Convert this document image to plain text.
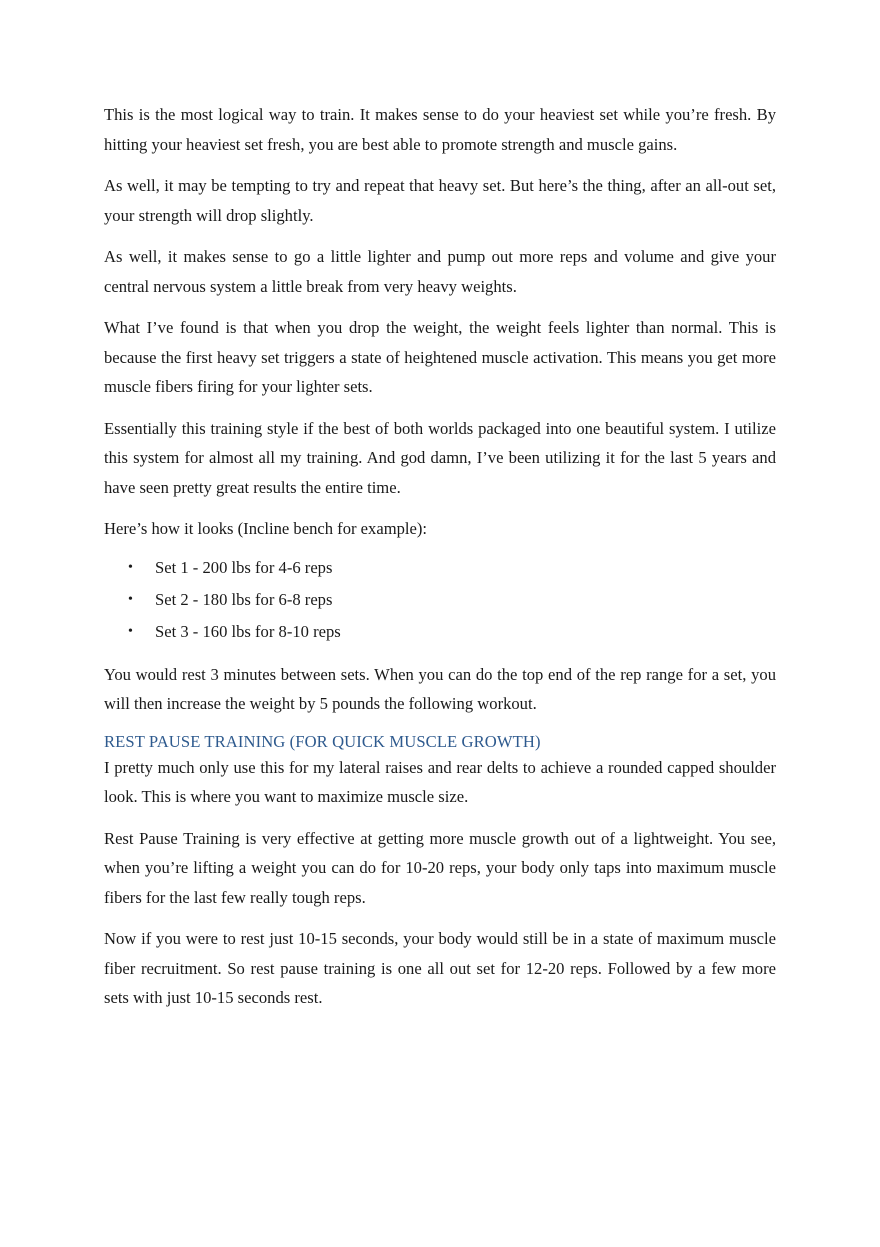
This is the most logical way to train. It makes sense to do your heaviest set while you’re fresh. By hitting your heaviest set fresh, you are best able to promote strength and muscle gains.

As well, it may be tempting to try and repeat that heavy set. But here’s the thing, after an all-out set, your strength will drop slightly.

As well, it makes sense to go a little lighter and pump out more reps and volume and give your central nervous system a little break from very heavy weights.

What I’ve found is that when you drop the weight, the weight feels lighter than normal. This is because the first heavy set triggers a state of heightened muscle activation. This means you get more muscle fibers firing for your lighter sets.

Essentially this training style if the best of both worlds packaged into one beautiful system. I utilize this system for almost all my training. And god damn, I’ve been utilizing it for the last 5 years and have seen pretty great results the entire time.

Here’s how it looks (Incline bench for example):

• Set 1 - 200 lbs for 4-6 reps
• Set 2 - 180 lbs for 6-8 reps
• Set 3 - 160 lbs for 8-10 reps

You would rest 3 minutes between sets. When you can do the top end of the rep range for a set, you will then increase the weight by 5 pounds the following workout.

REST PAUSE TRAINING (FOR QUICK MUSCLE GROWTH)

I pretty much only use this for my lateral raises and rear delts to achieve a rounded capped shoulder look. This is where you want to maximize muscle size.

Rest Pause Training is very effective at getting more muscle growth out of a lightweight. You see, when you’re lifting a weight you can do for 10-20 reps, your body only taps into maximum muscle fibers for the last few really tough reps.

Now if you were to rest just 10-15 seconds, your body would still be in a state of maximum muscle fiber recruitment. So rest pause training is one all out set for 12-20 reps. Followed by a few more sets with just 10-15 seconds rest.
